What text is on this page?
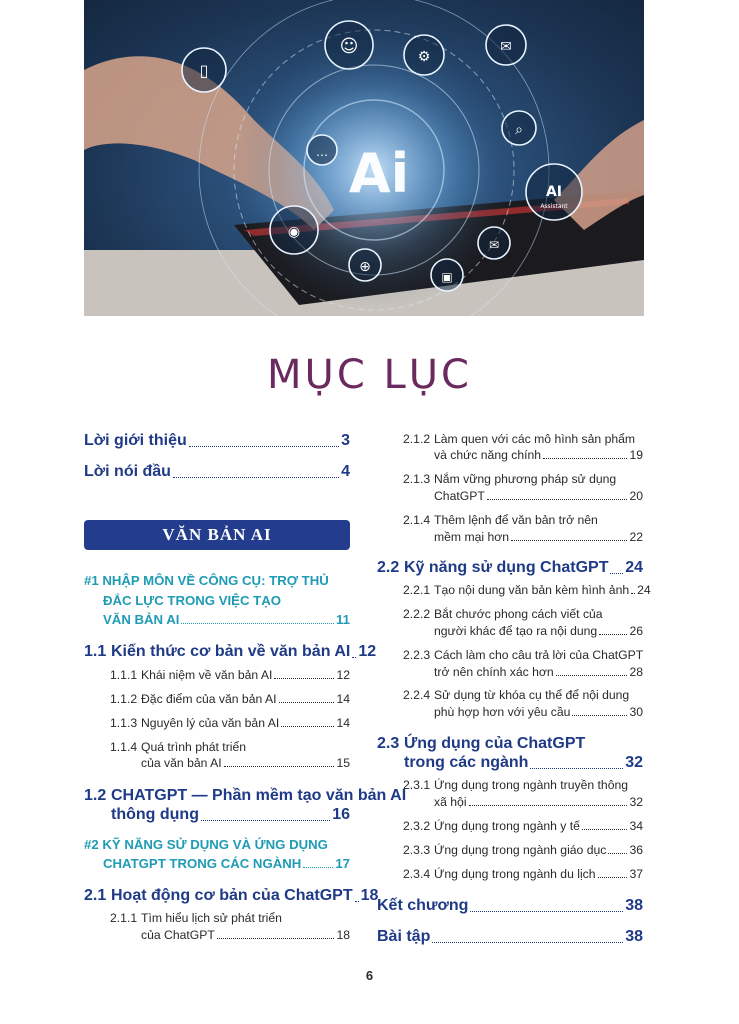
Ai	AI
Assistant
▯
☺	⚙
✉
⌕
…
◉
⊕
▣
✉
MỤC LỤC
Lời giới thiệu	3
Lời nói đầu	4
VĂN BẢN AI
#1 NHẬP MÔN VỀ CÔNG CỤ: TRỢ THỦ
ĐẮC LỰC TRONG VIỆC TẠO
VĂN BẢN AI	11
1.1 Kiến thức cơ bản về văn bản AI 12
1.1.1 Khái niệm về văn bản AI	12
1.1.2 Đặc điểm của văn bản AI	14
1.1.3 Nguyên lý của văn bản AI	14
1.1.4 Quá trình phát triển
của văn bản AI	15
1.2 CHATGPT — Phần mềm tạo văn bản AI
thông dụng	16
#2 KỸ NĂNG SỬ DỤNG VÀ ỨNG DỤNG
CHATGPT TRONG CÁC NGÀNH	17
2.1 Hoạt động cơ bản của ChatGPT 18
2.1.1 Tìm hiểu lịch sử phát triển
của ChatGPT	18
2.1.2 Làm quen với các mô hình sản phẩm
và chức năng chính	19
2.1.3 Nắm vững phương pháp sử dụng
ChatGPT	20
2.1.4 Thêm lệnh để văn bản trở nên
mềm mại hơn	22
2.2 Kỹ năng sử dụng ChatGPT 24
2.2.1 Tạo nội dung văn bản kèm hình ảnh 24
2.2.2 Bắt chước phong cách viết của
người khác để tạo ra nội dung	26
2.2.3 Cách làm cho câu trả lời của ChatGPT
trở nên chính xác hơn	28
2.2.4 Sử dụng từ khóa cụ thể để nội dung
phù hợp hơn với yêu cầu	30
2.3 Ứng dụng của ChatGPT
trong các ngành	32
2.3.1 Ứng dụng trong ngành truyền thông
xã hội	32
2.3.2 Ứng dụng trong ngành y tế	34
2.3.3 Ứng dụng trong ngành giáo dục 36
2.3.4 Ứng dụng trong ngành du lịch	37
Kết chương	38
Bài tập	38
6
